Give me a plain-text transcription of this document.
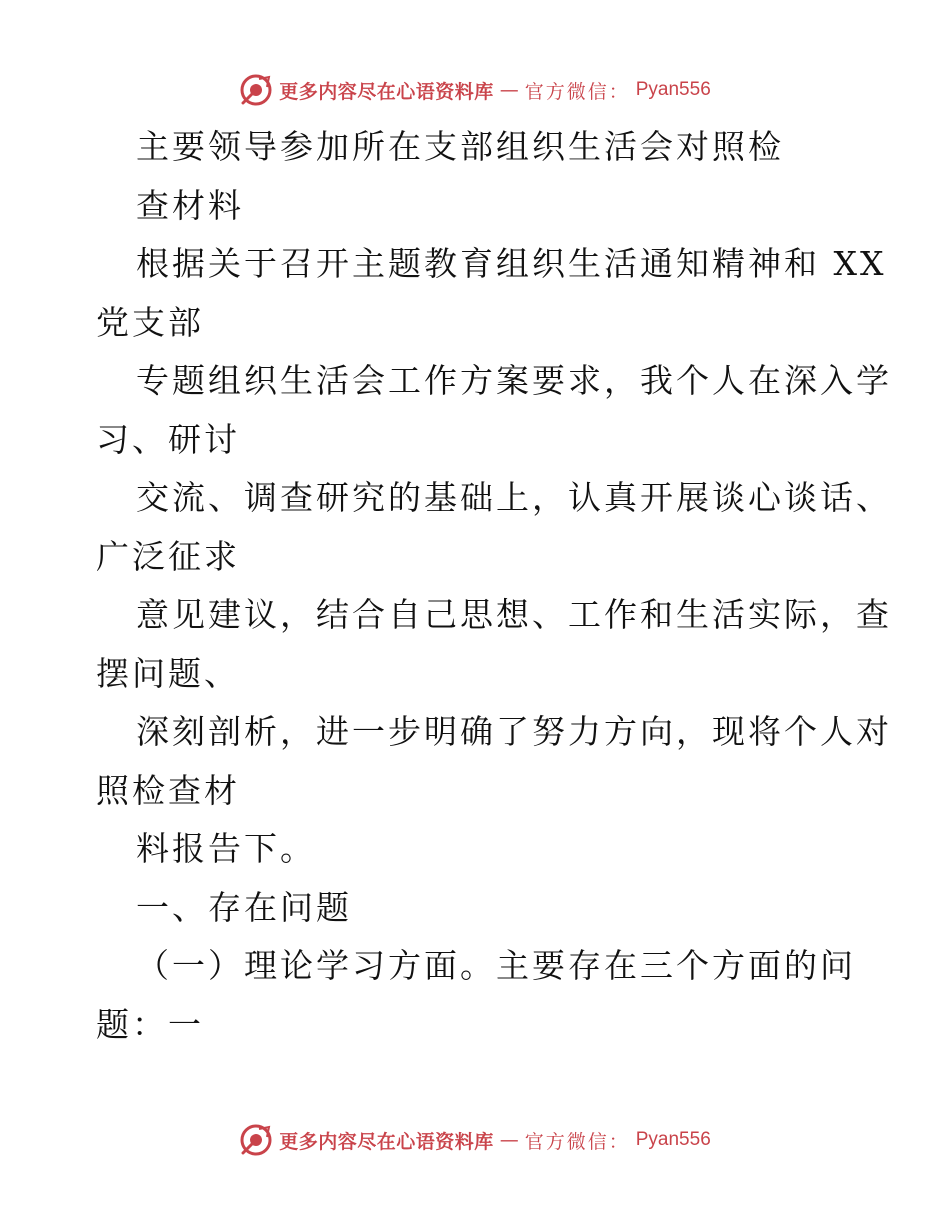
更多内容尽在心语资料库 — 官方微信： Pyan556
主要领导参加所在支部组织生活会对照检
查材料
根据关于召开主题教育组织生活通知精神和 XX
党支部
专题组织生活会工作方案要求，我个人在深入学
习、研讨
交流、调查研究的基础上，认真开展谈心谈话、
广泛征求
意见建议，结合自己思想、工作和生活实际，查
摆问题、
深刻剖析，进一步明确了努力方向，现将个人对
照检查材
料报告下。
一、存在问题
（一）理论学习方面。主要存在三个方面的问
题：一
更多内容尽在心语资料库 — 官方微信： Pyan556
